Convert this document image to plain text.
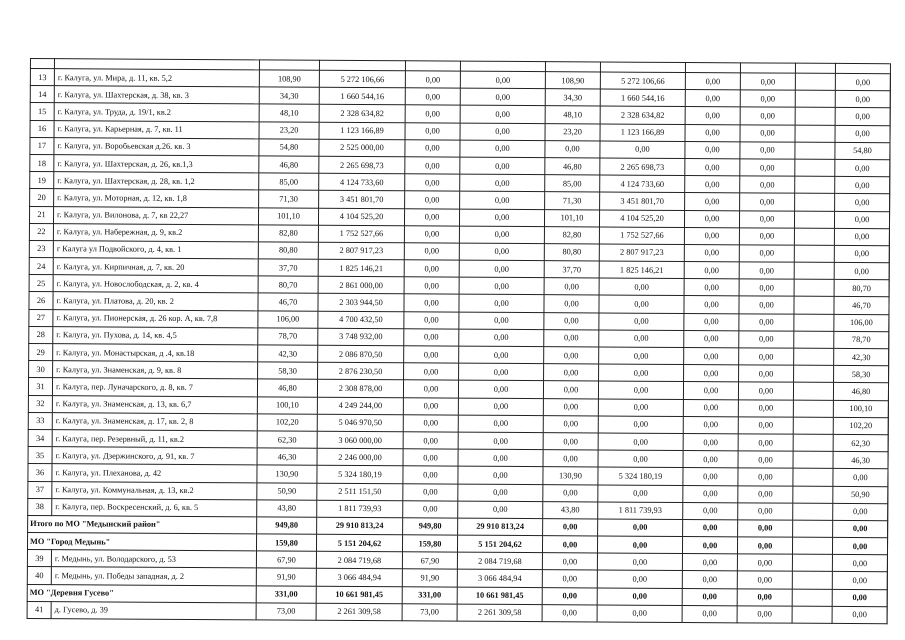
13	г. Калуга, ул. Мира, д. 11, кв. 5,2	108,90	5 272 106,66	0,00	0,00	108,90	5 272 106,66	0,00	0,00		0,00	
14	г. Калуга, ул. Шахтерская, д. 38, кв. 3	34,30	1 660 544,16	0,00	0,00	34,30	1 660 544,16	0,00	0,00		0,00	
15	г. Калуга, ул. Труда, д. 19/1, кв.2	48,10	2 328 634,82	0,00	0,00	48,10	2 328 634,82	0,00	0,00		0,00	
16	г. Калуга, ул. Карьерная, д. 7, кв. 11	23,20	1 123 166,89	0,00	0,00	23,20	1 123 166,89	0,00	0,00		0,00	
17	г. Калуга, ул. Воробьевская д.26. кв. 3	54,80	2 525 000,00	0,00	0,00	0,00	0,00	0,00	0,00		54,80	
18	г. Калуга, ул. Шахтерская, д. 26, кв.1,3	46,80	2 265 698,73	0,00	0,00	46,80	2 265 698,73	0,00	0,00		0,00	
19	г. Калуга, ул. Шахтерская, д. 28, кв. 1,2	85,00	4 124 733,60	0,00	0,00	85,00	4 124 733,60	0,00	0,00		0,00	
20	г. Калуга, ул. Моторная, д. 12, кв. 1,8	71,30	3 451 801,70	0,00	0,00	71,30	3 451 801,70	0,00	0,00		0,00	
21	г. Калуга, ул. Вилонова, д. 7, кв 22,27	101,10	4 104 525,20	0,00	0,00	101,10	4 104 525,20	0,00	0,00		0,00	
22	г. Калуга, ул. Набережная, д. 9, кв.2	82,80	1 752 527,66	0,00	0,00	82,80	1 752 527,66	0,00	0,00		0,00	
23	г Калуга ул Подвойского, д. 4, кв. 1	80,80	2 807 917,23	0,00	0,00	80,80	2 807 917,23	0,00	0,00		0,00	
24	г. Калуга, ул. Кирпичная, д. 7, кв. 20	37,70	1 825 146,21	0,00	0,00	37,70	1 825 146,21	0,00	0,00		0,00	
25	г. Калуга, ул. Новослободская, д. 2, кв. 4	80,70	2 861 000,00	0,00	0,00	0,00	0,00	0,00	0,00		80,70	
26	г. Калуга, ул. Платова, д. 20, кв. 2	46,70	2 303 944,50	0,00	0,00	0,00	0,00	0,00	0,00		46,70	
27	г. Калуга, ул. Пионерская, д. 26 кор. А, кв. 7,8	106,00	4 700 432,50	0,00	0,00	0,00	0,00	0,00	0,00		106,00	
28	г. Калуга, ул. Пухова, д. 14, кв. 4,5	78,70	3 748 932,00	0,00	0,00	0,00	0,00	0,00	0,00		78,70	
29	г. Калуга, ул. Монастырская, д .4, кв.18	42,30	2 086 870,50	0,00	0,00	0,00	0,00	0,00	0,00		42,30	
30	г. Калуга, ул. Знаменская, д. 9, кв. 8	58,30	2 876 230,50	0,00	0,00	0,00	0,00	0,00	0,00		58,30	
31	г. Калуга, пер. Луначарского, д. 8, кв. 7	46,80	2 308 878,00	0,00	0,00	0,00	0,00	0,00	0,00		46,80	
32	г. Калуга, ул. Знаменская, д. 13, кв. 6,7	100,10	4 249 244,00	0,00	0,00	0,00	0,00	0,00	0,00		100,10	
33	г. Калуга, ул. Знаменская, д. 17, кв. 2, 8	102,20	5 046 970,50	0,00	0,00	0,00	0,00	0,00	0,00		102,20	
34	г. Калуга, пер. Резервный, д. 11, кв.2	62,30	3 060 000,00	0,00	0,00	0,00	0,00	0,00	0,00		62,30	
35	г. Калуга, ул. Дзержинского, д. 91, кв. 7	46,30	2 246 000,00	0,00	0,00	0,00	0,00	0,00	0,00		46,30	
36	г. Калуга, ул. Плеханова, д. 42	130,90	5 324 180,19	0,00	0,00	130,90	5 324 180,19	0,00	0,00		0,00	
37	г. Калуга, ул. Коммунальная, д. 13, кв.2	50,90	2 511 151,50	0,00	0,00	0,00	0,00	0,00	0,00		50,90	
38	г. Калуга, пер. Воскресенский, д. 6, кв. 5	43,80	1 811 739,93	0,00	0,00	43,80	1 811 739,93	0,00	0,00		0,00	
Итого по МО "Медынский район"		949,80	29 910 813,24	949,80	29 910 813,24	0,00	0,00	0,00	0,00		0,00	
МО "Город Медынь"		159,80	5 151 204,62	159,80	5 151 204,62	0,00	0,00	0,00	0,00		0,00	
39	г. Медынь, ул. Володарского, д. 53	67,90	2 084 719,68	67,90	2 084 719,68	0,00	0,00	0,00	0,00		0,00	
40	г. Медынь, ул. Победы западная, д. 2	91,90	3 066 484,94	91,90	3 066 484,94	0,00	0,00	0,00	0,00		0,00	
МО "Деревня Гусево"		331,00	10 661 981,45	331,00	10 661 981,45	0,00	0,00	0,00	0,00		0,00	
41	д. Гусево, д. 39	73,00	2 261 309,58	73,00	2 261 309,58	0,00	0,00	0,00	0,00		0,00	
